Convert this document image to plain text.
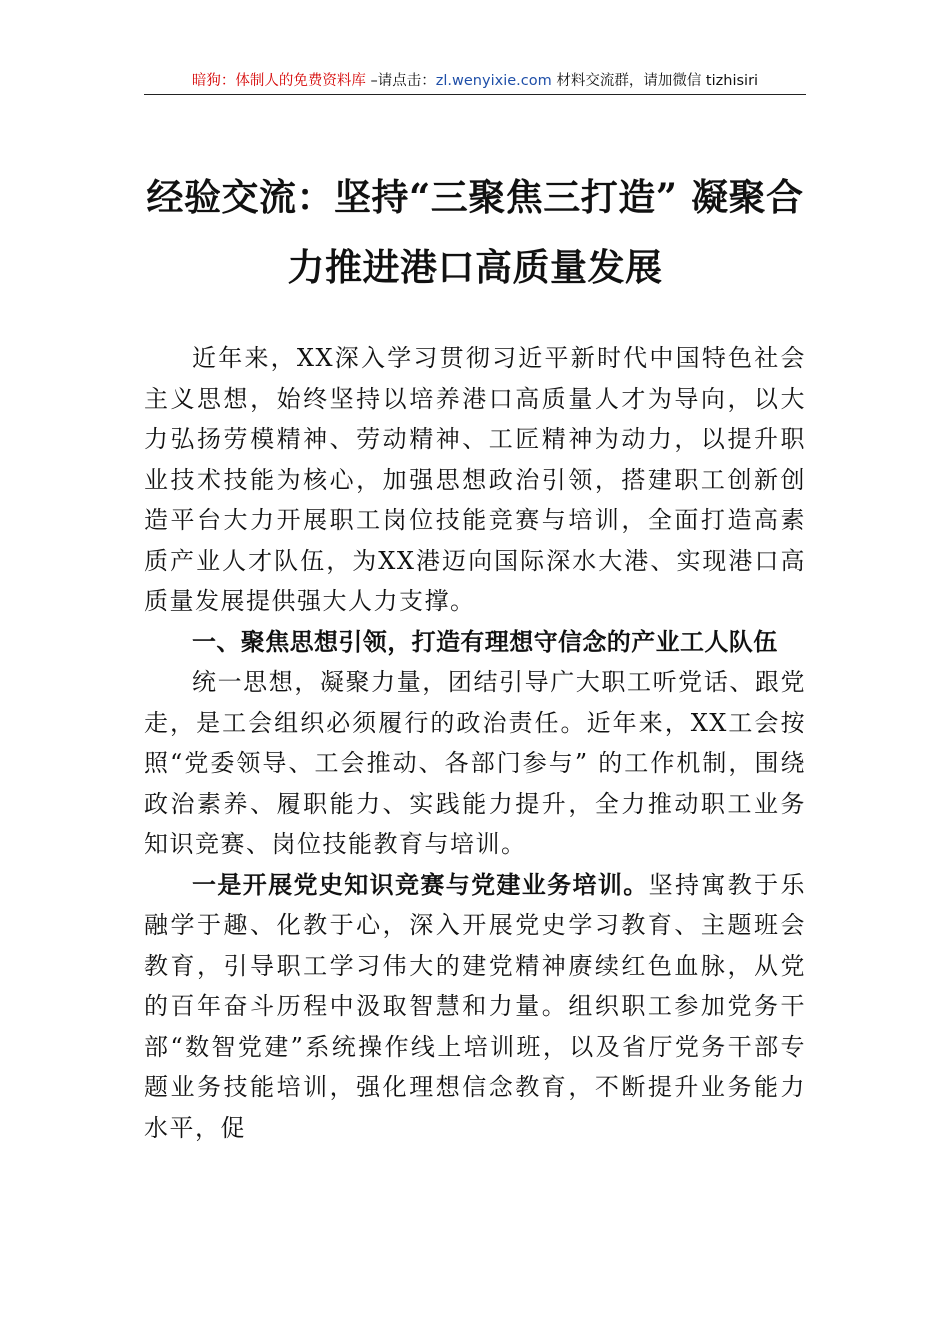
暗狗：体制人的免费资料库 –请点击：zl.wenyixie.com 材料交流群，请加微信 tizhisiri
经验交流：坚持“三聚焦三打造” 凝聚合
力推进港口高质量发展

近年来，XX深入学习贯彻习近平新时代中国特色社会主义思想，始终坚持以培养港口高质量人才为导向，以大力弘扬劳模精神、劳动精神、工匠精神为动力，以提升职业技术技能为核心，加强思想政治引领，搭建职工创新创造平台大力开展职工岗位技能竞赛与培训，全面打造高素质产业人才队伍，为XX港迈向国际深水大港、实现港口高质量发展提供强大人力支撑。

一、聚焦思想引领，打造有理想守信念的产业工人队伍

统一思想，凝聚力量，团结引导广大职工听党话、跟党走，是工会组织必须履行的政治责任。近年来，XX工会按照“党委领导、工会推动、各部门参与” 的工作机制，围绕政治素养、履职能力、实践能力提升，全力推动职工业务知识竞赛、岗位技能教育与培训。

一是开展党史知识竞赛与党建业务培训。坚持寓教于乐融学于趣、化教于心，深入开展党史学习教育、主题班会教育，引导职工学习伟大的建党精神赓续红色血脉，从党的百年奋斗历程中汲取智慧和力量。组织职工参加党务干部“数智党建”系统操作线上培训班，以及省厅党务干部专题业务技能培训，强化理想信念教育，不断提升业务能力水平，促
